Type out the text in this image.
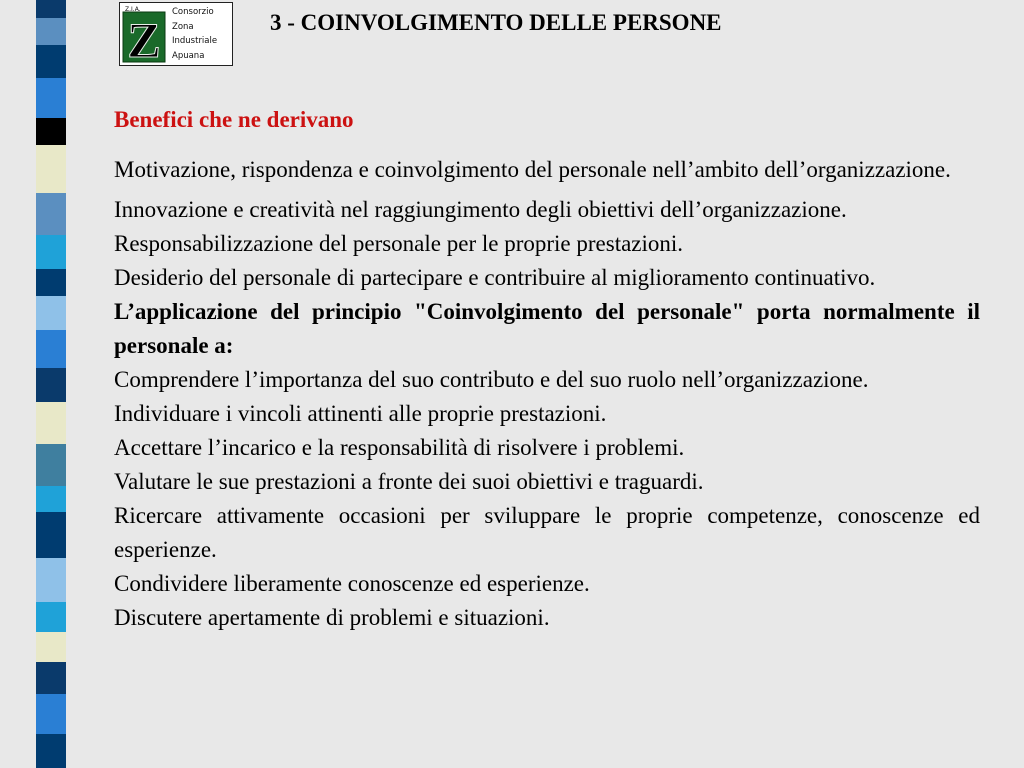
Z.I.A.
Z Consorzio
Zona
Industriale
Apuana
3 - COINVOLGIMENTO DELLE PERSONE
Benefici che ne derivano

Motivazione, rispondenza e coinvolgimento del personale nell’ambito dell’organizzazione.

Innovazione e creatività nel raggiungimento degli obiettivi dell’organizzazione.

Responsabilizzazione del personale per le proprie prestazioni.

Desiderio del personale di partecipare e contribuire al miglioramento continuativo.

L’applicazione del principio "Coinvolgimento del personale" porta normalmente il personale a:

Comprendere l’importanza del suo contributo e del suo ruolo nell’organizzazione.

Individuare i vincoli attinenti alle proprie prestazioni.

Accettare l’incarico e la responsabilità di risolvere i problemi.

Valutare le sue prestazioni a fronte dei suoi obiettivi e traguardi.

Ricercare attivamente occasioni per sviluppare le proprie competenze, conoscenze ed esperienze.

Condividere liberamente conoscenze ed esperienze.

Discutere apertamente di problemi e situazioni.
